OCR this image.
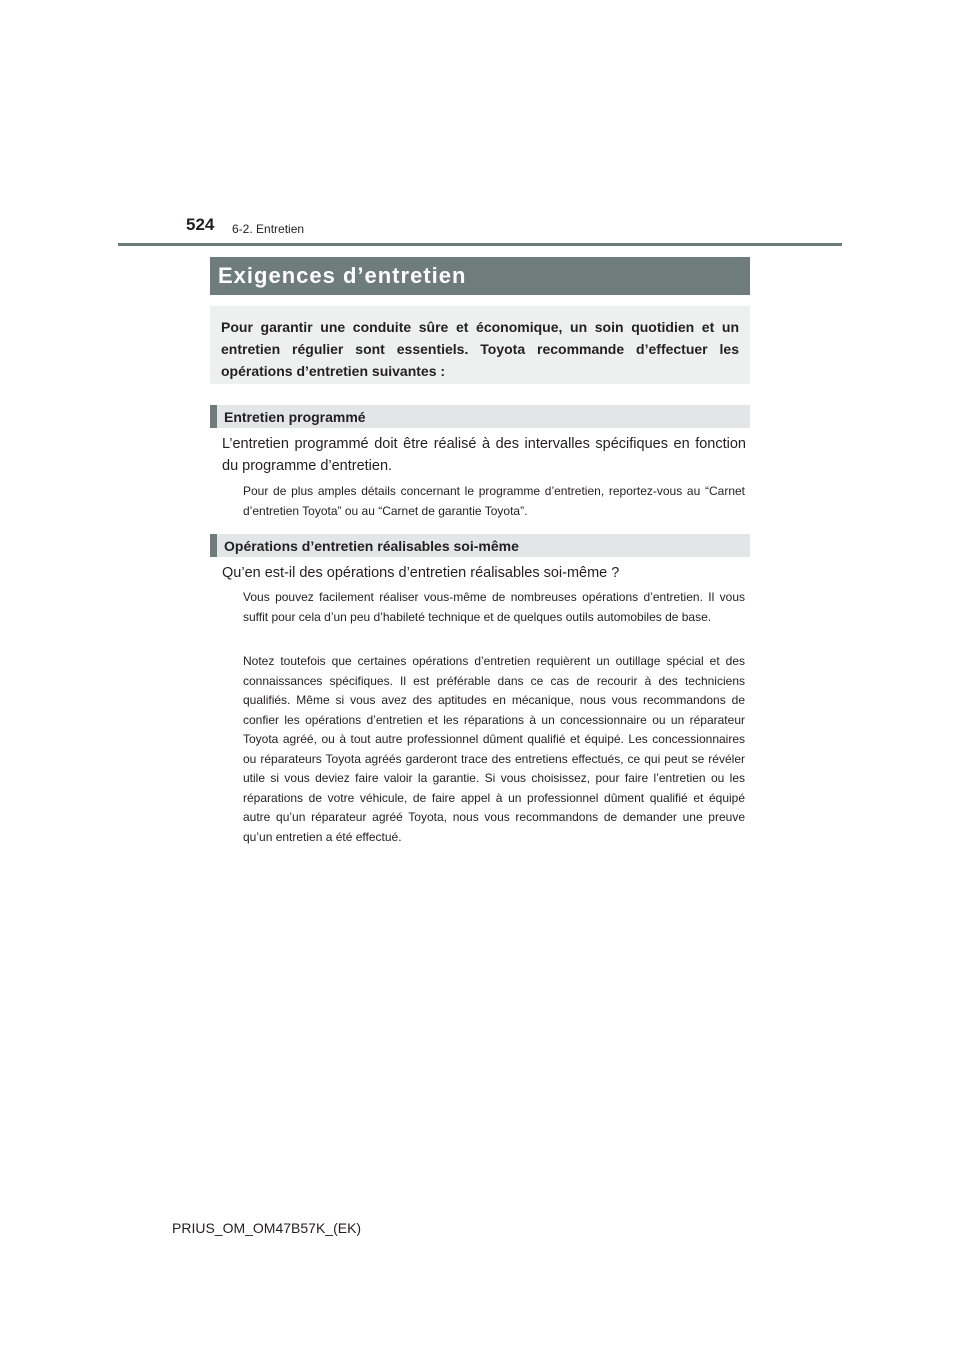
524 6-2. Entretien
Exigences d’entretien

Pour garantir une conduite sûre et économique, un soin quotidien et un entretien régulier sont essentiels. Toyota recommande d’effectuer les opérations d’entretien suivantes :

Entretien programmé

L’entretien programmé doit être réalisé à des intervalles spécifiques en fonction du programme d’entretien.

Pour de plus amples détails concernant le programme d’entretien, reportez-vous au “Carnet d’entretien Toyota” ou au “Carnet de garantie Toyota”.

Opérations d’entretien réalisables soi-même

Qu’en est-il des opérations d’entretien réalisables soi-même ?

Vous pouvez facilement réaliser vous-même de nombreuses opérations d’entretien. Il vous suffit pour cela d’un peu d’habileté technique et de quelques outils automobiles de base.

Notez toutefois que certaines opérations d’entretien requièrent un outillage spécial et des connaissances spécifiques. Il est préférable dans ce cas de recourir à des techniciens qualifiés. Même si vous avez des aptitudes en mécanique, nous vous recommandons de confier les opérations d’entretien et les réparations à un concessionnaire ou un réparateur Toyota agréé, ou à tout autre professionnel dûment qualifié et équipé. Les concessionnaires ou réparateurs Toyota agréés garderont trace des entretiens effectués, ce qui peut se révéler utile si vous deviez faire valoir la garantie. Si vous choisissez, pour faire l’entretien ou les réparations de votre véhicule, de faire appel à un professionnel dûment qualifié et équipé autre qu’un réparateur agréé Toyota, nous vous recommandons de demander une preuve qu’un entretien a été effectué.

PRIUS_OM_OM47B57K_(EK)
